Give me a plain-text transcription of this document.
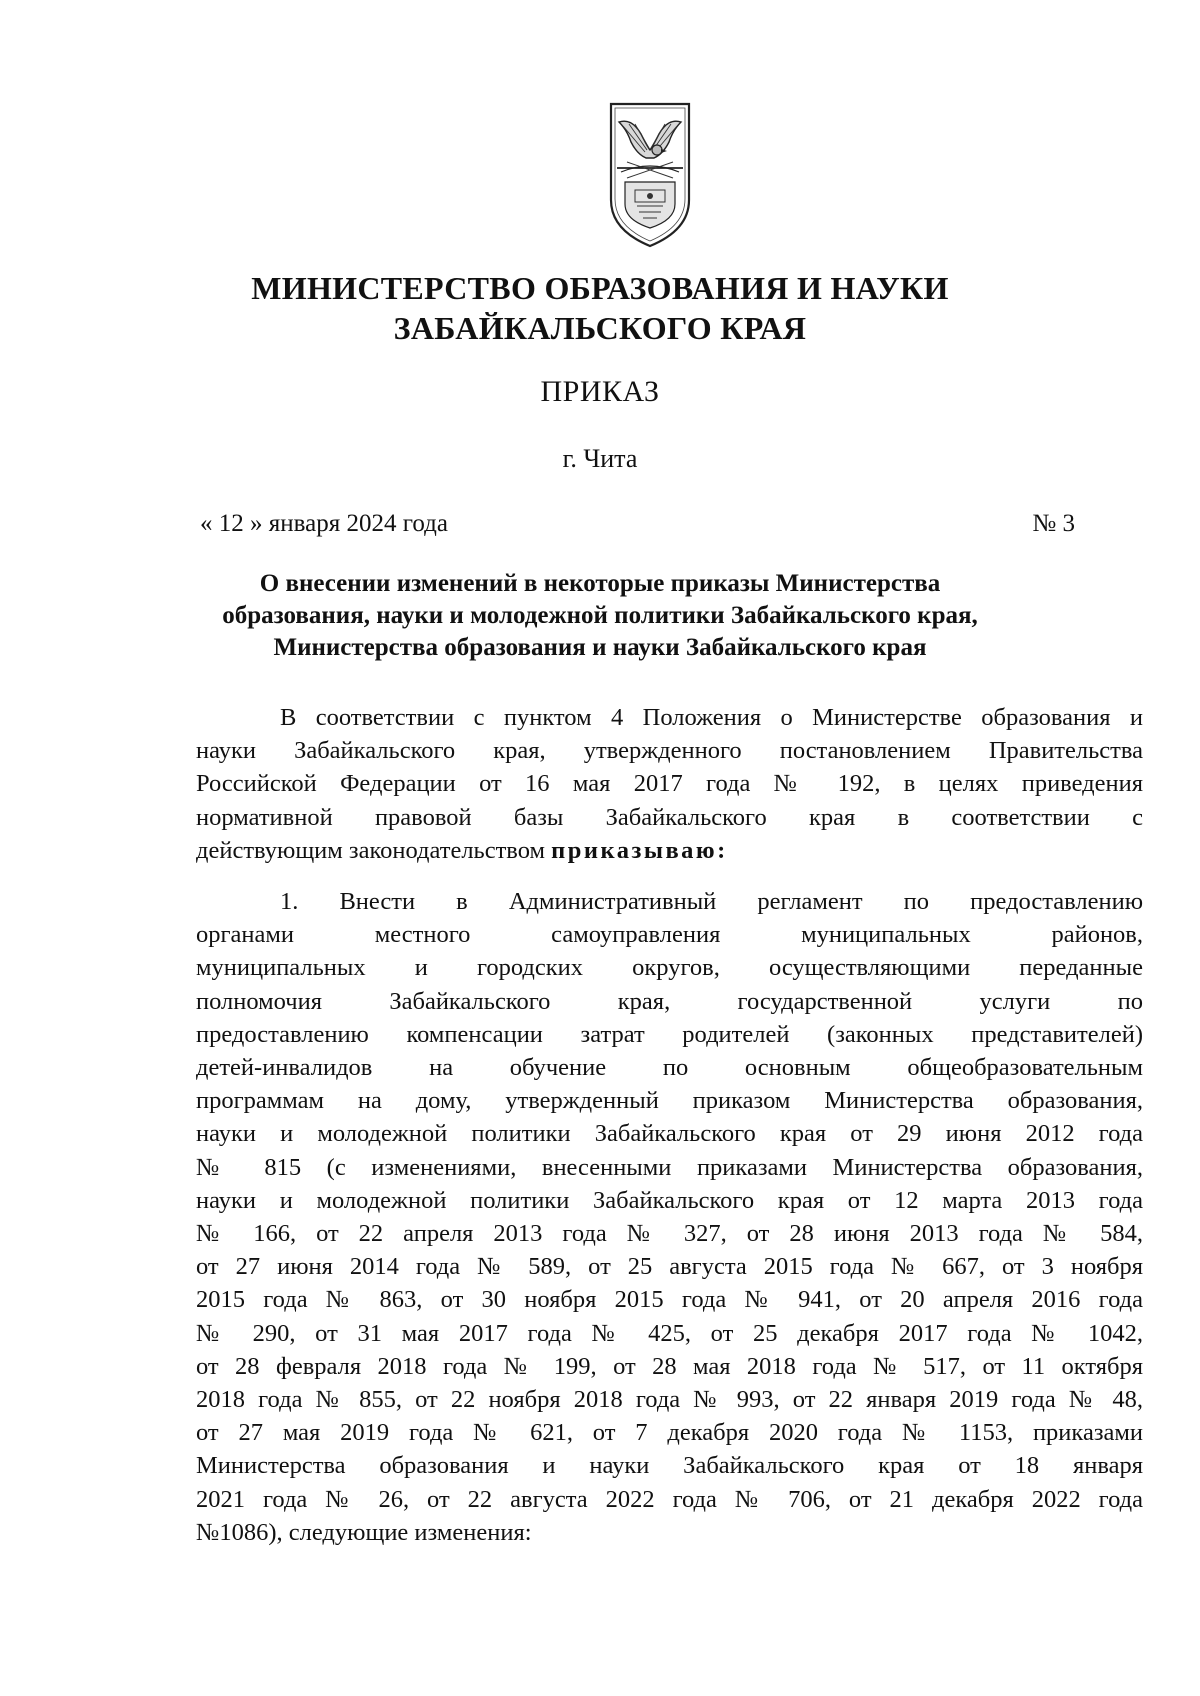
МИНИСТЕРСТВО ОБРАЗОВАНИЯ И НАУКИ
ЗАБАЙКАЛЬСКОГО КРАЯ
ПРИКАЗ
г. Чита
« 12 » января 2024 года	№ 3
О внесении изменений в некоторые приказы Министерства
образования, науки и молодежной политики Забайкальского края,
Министерства образования и науки Забайкальского края
В соответствии с пунктом 4 Положения о Министерстве образования и
науки Забайкальского края, утвержденного постановлением Правительства
Российской Федерации от 16 мая 2017 года № 192, в целях приведения
нормативной правовой базы Забайкальского края в соответствии с
действующим законодательством приказываю:
1. Внести в Административный регламент по предоставлению
органами местного самоуправления муниципальных районов,
муниципальных и городских округов, осуществляющими переданные
полномочия Забайкальского края, государственной услуги по
предоставлению компенсации затрат родителей (законных представителей)
детей-инвалидов на обучение по основным общеобразовательным
программам на дому, утвержденный приказом Министерства образования,
науки и молодежной политики Забайкальского края от 29 июня 2012 года
№ 815 (с изменениями, внесенными приказами Министерства образования,
науки и молодежной политики Забайкальского края от 12 марта 2013 года
№ 166, от 22 апреля 2013 года № 327, от 28 июня 2013 года № 584,
от 27 июня 2014 года № 589, от 25 августа 2015 года № 667, от 3 ноября
2015 года № 863, от 30 ноября 2015 года № 941, от 20 апреля 2016 года
№ 290, от 31 мая 2017 года № 425, от 25 декабря 2017 года № 1042,
от 28 февраля 2018 года № 199, от 28 мая 2018 года № 517, от 11 октября
2018 года № 855, от 22 ноября 2018 года № 993, от 22 января 2019 года № 48,
от 27 мая 2019 года № 621, от 7 декабря 2020 года № 1153, приказами
Министерства образования и науки Забайкальского края от 18 января
2021 года № 26, от 22 августа 2022 года № 706, от 21 декабря 2022 года
№1086), следующие изменения:
